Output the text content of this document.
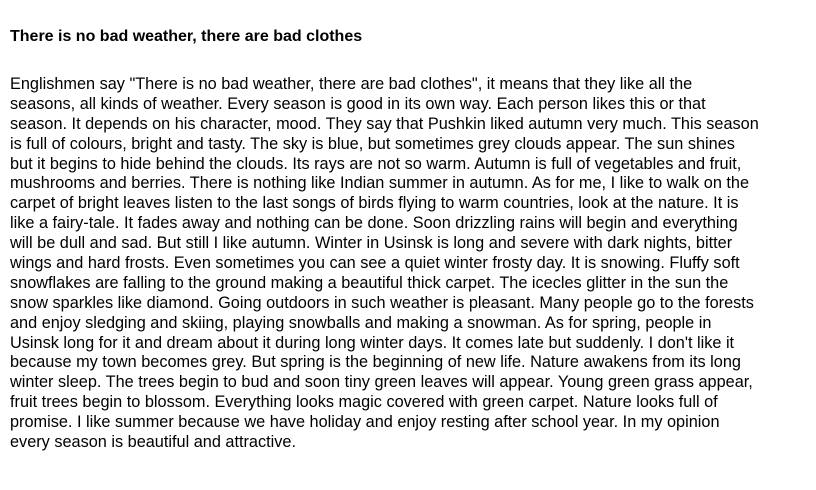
There is no bad weather, there are bad clothes
Englishmen say "There is no bad weather, there are bad clothes", it means that they like all the
seasons, all kinds of weather. Every season is good in its own way. Each person likes this or that
season. It depends on his character, mood. They say that Pushkin liked autumn very much. This season
is full of colours, bright and tasty. The sky is blue, but sometimes grey clouds appear. The sun shines
but it begins to hide behind the clouds. Its rays are not so warm. Autumn is full of vegetables and fruit,
mushrooms and berries. There is nothing like Indian summer in autumn. As for me, I like to walk on the
carpet of bright leaves listen to the last songs of birds flying to warm countries, look at the nature. It is
like a fairy-tale. It fades away and nothing can be done. Soon drizzling rains will begin and everything
will be dull and sad. But still I like autumn. Winter in Usinsk is long and severe with dark nights, bitter
wings and hard frosts. Even sometimes you can see a quiet winter frosty day. It is snowing. Fluffy soft
snowflakes are falling to the ground making a beautiful thick carpet. The icecles glitter in the sun the
snow sparkles like diamond. Going outdoors in such weather is pleasant. Many people go to the forests
and enjoy sledging and skiing, playing snowballs and making a snowman. As for spring, people in
Usinsk long for it and dream about it during long winter days. It comes late but suddenly. I don't like it
because my town becomes grey. But spring is the beginning of new life. Nature awakens from its long
winter sleep. The trees begin to bud and soon tiny green leaves will appear. Young green grass appear,
fruit trees begin to blossom. Everything looks magic covered with green carpet. Nature looks full of
promise. I like summer because we have holiday and enjoy resting after school year. In my opinion
every season is beautiful and attractive.
